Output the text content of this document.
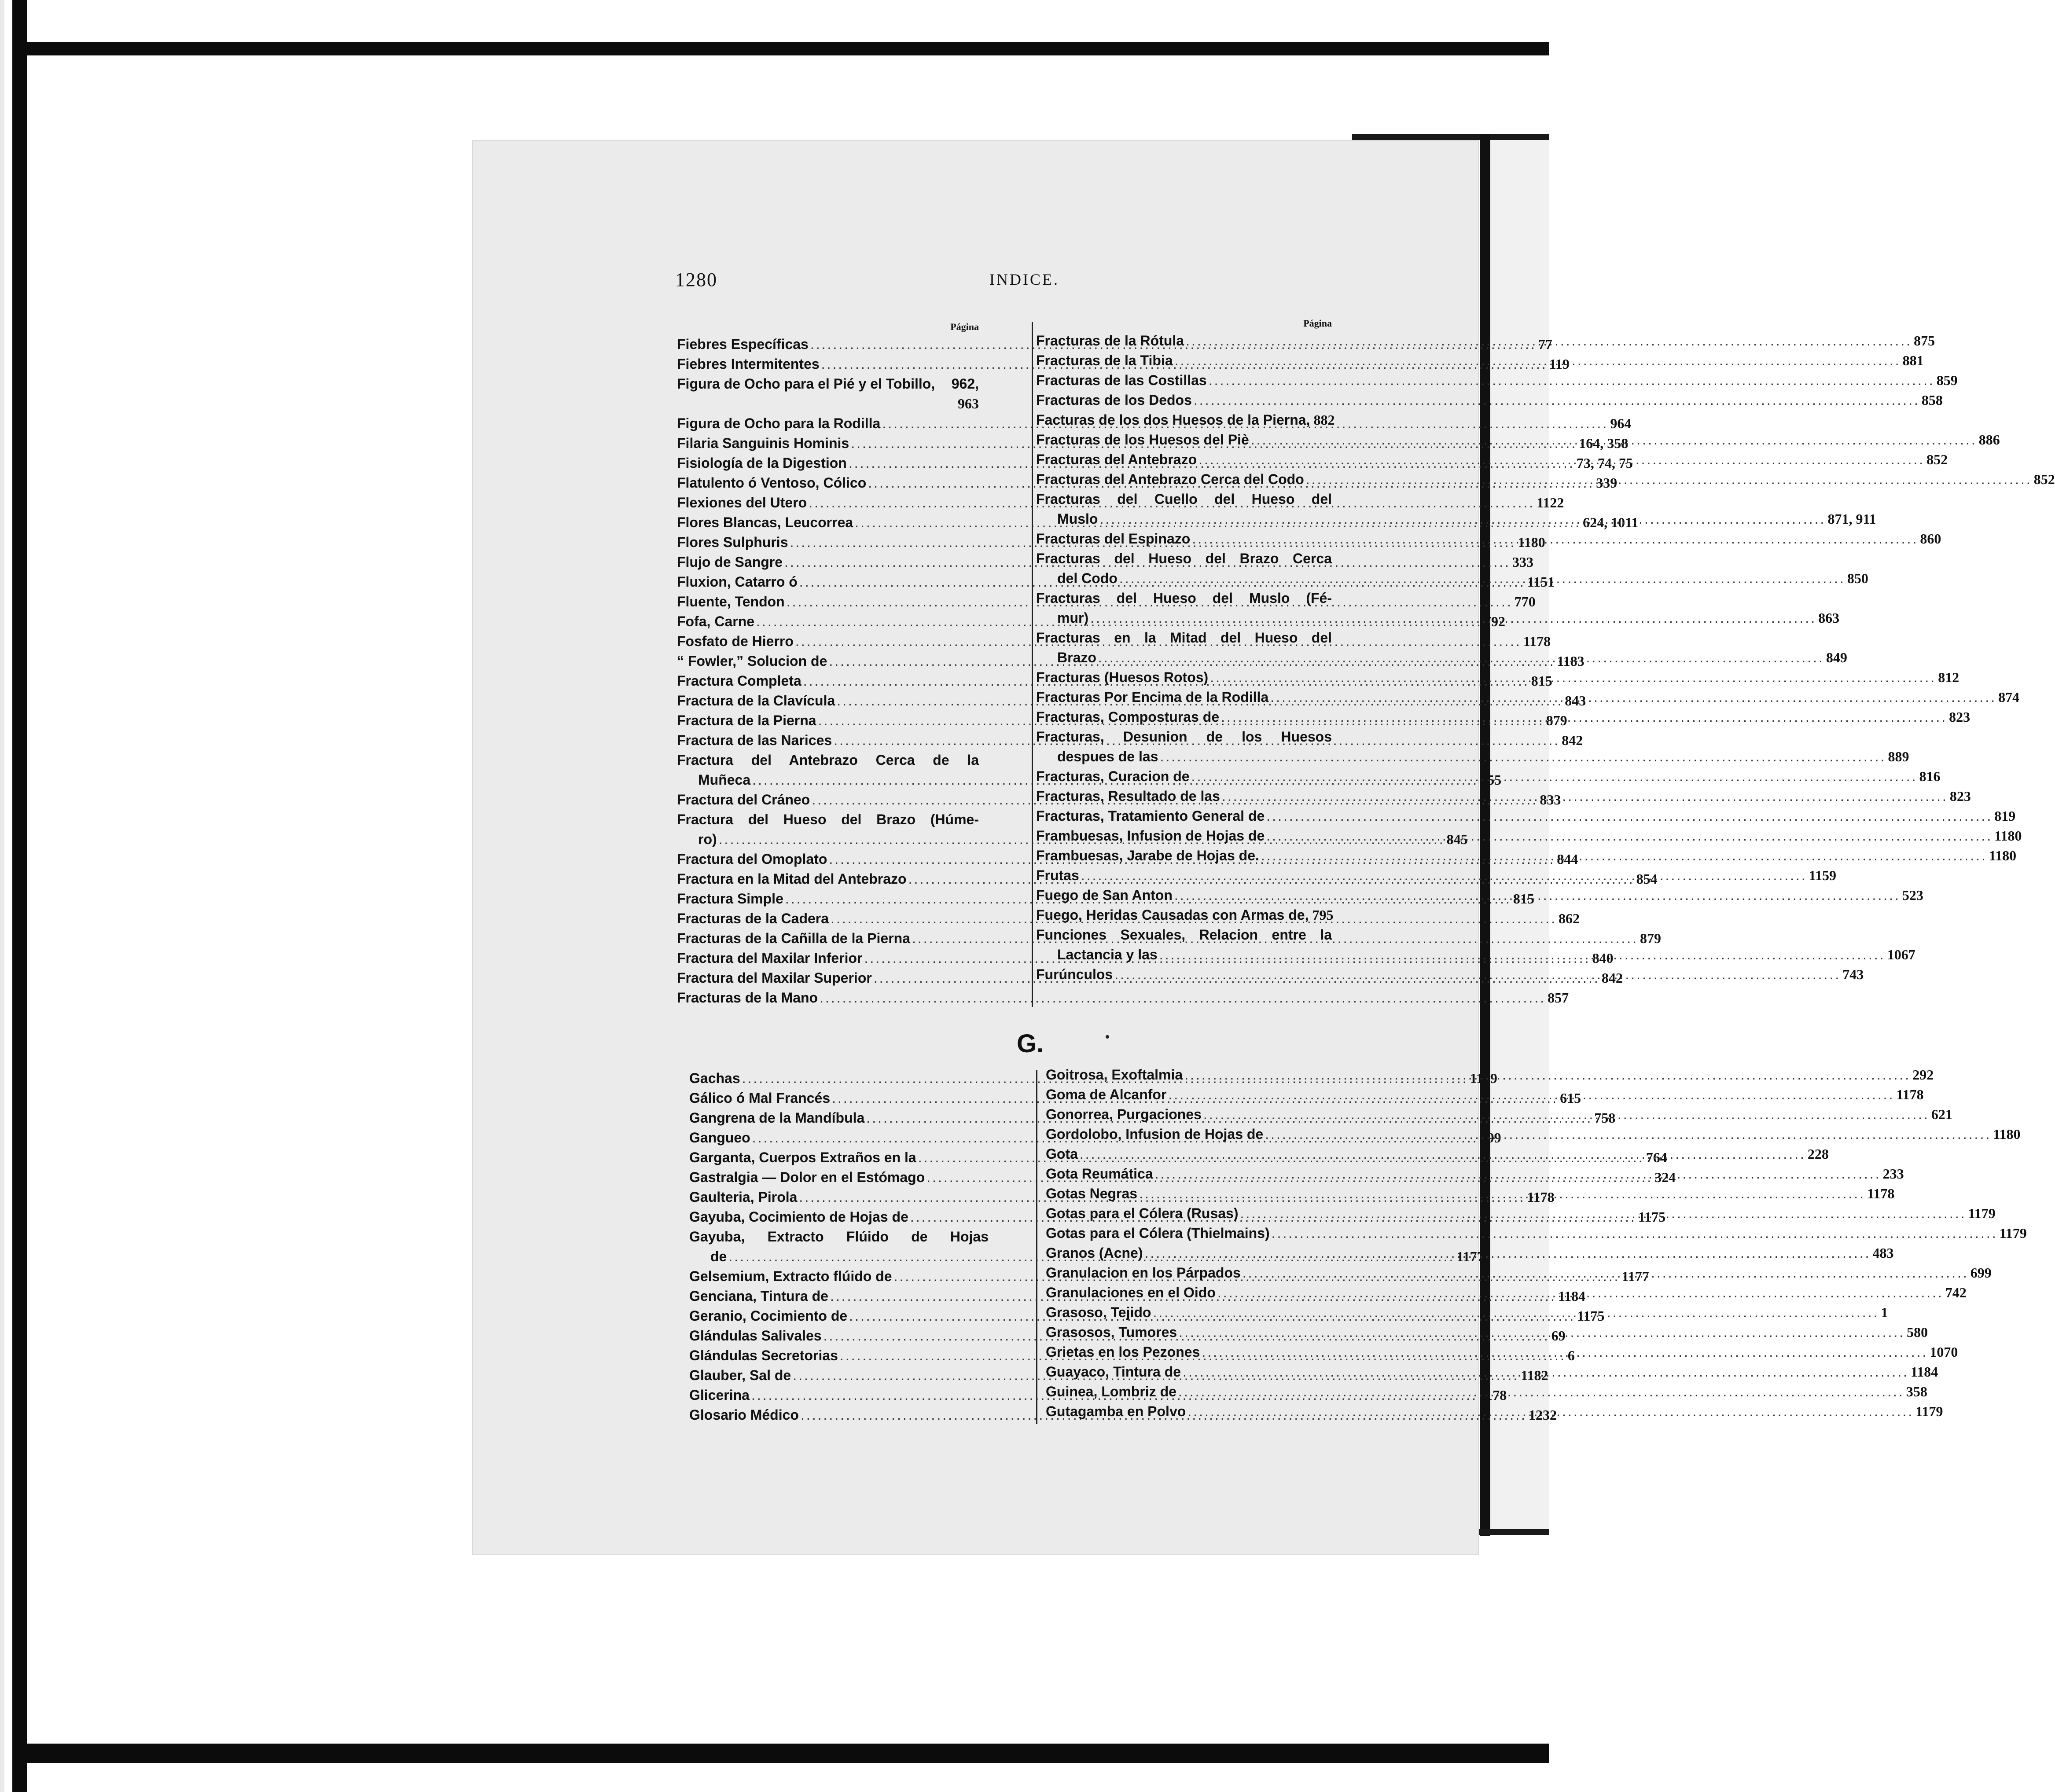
1280	INDICE.
Página
Fiebres Específicas .....	77
Fiebres Intermitentes .....	119
Figura de Ocho para el Pié y el Tobillo, 962,
963
Figura de Ocho para la Rodilla .....	964
Filaria Sanguinis Hominis .....	164, 358
Fisiología de la Digestion .....	73, 74, 75
Flatulento ó Ventoso, Cólico .....	339
Flexiones del Utero .....	1122
Flores Blancas, Leucorrea .....	624, 1011
Flores Sulphuris .....	1180
Flujo de Sangre .....	333
Fluxion, Catarro ó .....	1151
Fluente, Tendon .....	770
Fofa, Carne .....	792
Fosfato de Hierro .....	1178
“ Fowler,” Solucion de .....	1183
Fractura Completa .....	815
Fractura de la Clavícula .....	843
Fractura de la Pierna .....	879
Fractura de las Narices .....	842
Fractura del Antebrazo Cerca de la
Muñeca .....	855
Fractura del Cráneo .....	833
Fractura del Hueso del Brazo (Húme-
ro) .....	845
Fractura del Omoplato .....	844
Fractura en la Mitad del Antebrazo .....	854
Fractura Simple .....	815
Fracturas de la Cadera .....	862
Fracturas de la Cañilla de la Pierna .....	879
Fractura del Maxilar Inferior .....	840
Fractura del Maxilar Superior .....	842
Fracturas de la Mano .....	857
Página
Fracturas de la Rótula .....	875
Fracturas de la Tibia .....	881
Fracturas de las Costillas .....	859
Fracturas de los Dedos .....	858
Facturas de los dos Huesos de la Pierna, 882
Fracturas de los Huesos del Piè .....	886
Fracturas del Antebrazo .....	852
Fracturas del Antebrazo Cerca del Codo .....	852
Fracturas del Cuello del Hueso del
Muslo .....	871, 911
Fracturas del Espinazo .....	860
Fracturas del Hueso del Brazo Cerca
del Codo .....	850
Fracturas del Hueso del Muslo (Fé-
mur) .....	863
Fracturas en la Mitad del Hueso del
Brazo .....	849
Fracturas (Huesos Rotos) .....	812
Fracturas Por Encima de la Rodilla .....	874
Fracturas, Composturas de .....	823
Fracturas, Desunion de los Huesos
despues de las .....	889
Fracturas, Curacion de .....	816
Fracturas, Resultado de las .....	823
Fracturas, Tratamiento General de .....	819
Frambuesas, Infusion de Hojas de .....	1180
Frambuesas, Jarabe de Hojas de. .....	1180
Frutas .....	1159
Fuego de San Anton .....	523
Fuego, Heridas Causadas con Armas de, 795
Funciones Sexuales, Relacion entre la
Lactancia y las .....	1067
Furúnculos .....	743
G.
Gachas .....	1169
Gálico ó Mal Francés .....	615
Gangrena de la Mandíbula .....	758
Gangueo .....	599
Garganta, Cuerpos Extraños en la .....	764
Gastralgia — Dolor en el Estómago .....	324
Gaulteria, Pirola .....	1178
Gayuba, Cocimiento de Hojas de .....	1175
Gayuba, Extracto Flúido de Hojas
de .....	1177
Gelsemium, Extracto flúido de .....	1177
Genciana, Tintura de .....	1184
Geranio, Cocimiento de .....	1175
Glándulas Salivales .....	69
Glándulas Secretorias .....	6
Glauber, Sal de .....	1182
Glicerina .....	1178
Glosario Médico .....	1232
Goitrosa, Exoftalmia .....	292
Goma de Alcanfor .....	1178
Gonorrea, Purgaciones .....	621
Gordolobo, Infusion de Hojas de .....	1180
Gota .....	228
Gota Reumática .....	233
Gotas Negras .....	1178
Gotas para el Cólera (Rusas) .....	1179
Gotas para el Cólera (Thielmains) .....	1179
Granos (Acne) .....	483
Granulacion en los Párpados .....	699
Granulaciones en el Oido .....	742
Grasoso, Tejido .....	1
Grasosos, Tumores .....	580
Grietas en los Pezones .....	1070
Guayaco, Tintura de .....	1184
Guinea, Lombriz de .....	358
Gutagamba en Polvo .....	1179
